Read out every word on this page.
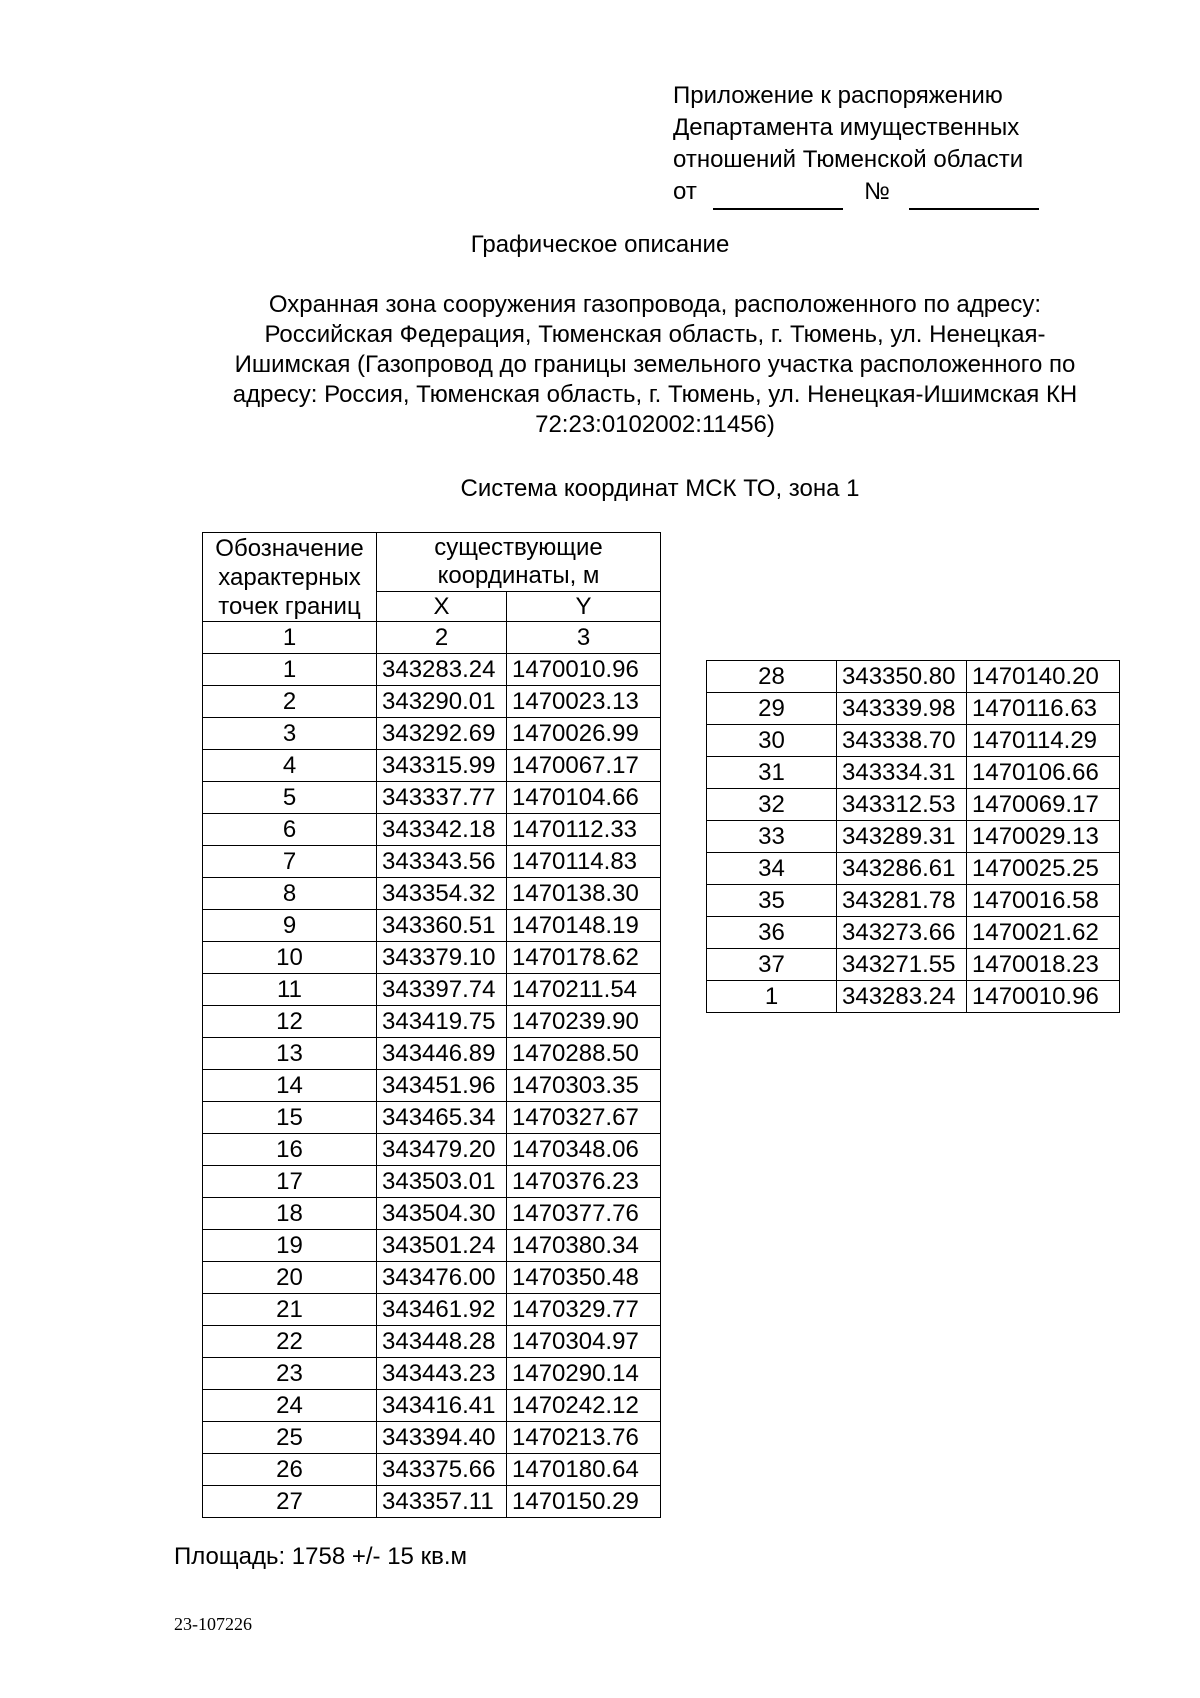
Приложение к распоряжению
Департамента имущественных
отношений Тюменской области
от	№
Графическое описание
Охранная зона сооружения газопровода, расположенного по адресу:
Российская Федерация, Тюменская область, г. Тюмень, ул. Ненецкая-
Ишимская (Газопровод до границы земельного участка расположенного по
адресу: Россия, Тюменская область, г. Тюмень, ул. Ненецкая-Ишимская КН
72:23:0102002:11456)
Система координат МСК ТО, зона 1
Обозначение характерных точек границ	существующие координаты, м	
	X	Y
1	2	3
1	343283.24	1470010.96
2	343290.01	1470023.13
3	343292.69	1470026.99
4	343315.99	1470067.17
5	343337.77	1470104.66
6	343342.18	1470112.33
7	343343.56	1470114.83
8	343354.32	1470138.30
9	343360.51	1470148.19
10	343379.10	1470178.62
11	343397.74	1470211.54
12	343419.75	1470239.90
13	343446.89	1470288.50
14	343451.96	1470303.35
15	343465.34	1470327.67
16	343479.20	1470348.06
17	343503.01	1470376.23
18	343504.30	1470377.76
19	343501.24	1470380.34
20	343476.00	1470350.48
21	343461.92	1470329.77
22	343448.28	1470304.97
23	343443.23	1470290.14
24	343416.41	1470242.12
25	343394.40	1470213.76
26	343375.66	1470180.64
27	343357.11	1470150.29
28	343350.80	1470140.20
29	343339.98	1470116.63
30	343338.70	1470114.29
31	343334.31	1470106.66
32	343312.53	1470069.17
33	343289.31	1470029.13
34	343286.61	1470025.25
35	343281.78	1470016.58
36	343273.66	1470021.62
37	343271.55	1470018.23
1	343283.24	1470010.96
Площадь: 1758 +/- 15 кв.м
23-107226
